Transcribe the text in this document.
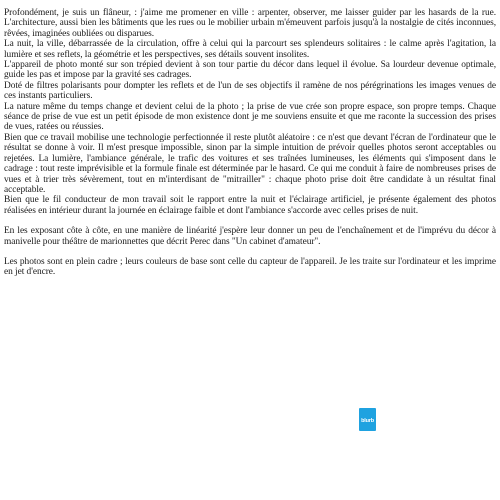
Profondément, je suis un flâneur, : j'aime me promener en ville : arpenter, observer, me laisser guider par les hasards de la rue. L'architecture, aussi bien les bâtiments que les rues ou le mobilier urbain m'émeuvent parfois jusqu'à la nostalgie de cités inconnues, rêvées, imaginées oubliées ou disparues.

La nuit, la ville, débarrassée de la circulation, offre à celui qui la parcourt ses splendeurs solitaires : le calme après l'agitation, la lumière et ses reflets, la géométrie et les perspectives, ses détails souvent insolites.

L'appareil de photo monté sur son trépied devient à son tour partie du décor dans lequel il évolue. Sa lourdeur devenue optimale, guide les pas et impose par la gravité ses cadrages.

Doté de filtres polarisants pour dompter les reflets et de l'un de ses objectifs il ramène de nos pérégrinations les images venues de ces instants particuliers.

La nature même du temps change et devient celui de la photo ; la prise de vue crée son propre espace, son propre temps. Chaque séance de prise de vue est un petit épisode de mon existence dont je me souviens ensuite et que me raconte la succession des prises de vues, ratées ou réussies.

Bien que ce travail mobilise une technologie perfectionnée il reste plutôt aléatoire : ce n'est que devant l'écran de l'ordinateur que le résultat se donne à voir. Il m'est presque impossible, sinon par la simple intuition de prévoir quelles photos seront acceptables ou rejetées. La lumière, l'ambiance générale, le trafic des voitures et ses traînées lumineuses, les éléments qui s'imposent dans le cadrage : tout reste imprévisible et la formule finale est déterminée par le hasard. Ce qui me conduit à faire de nombreuses prises de vues et à trier très sévèrement, tout en m'interdisant de "mitrailler" : chaque photo prise doit être candidate à un résultat final acceptable.

Bien que le fil conducteur de mon travail soit le rapport entre la nuit et l'éclairage artificiel, je présente également des photos réalisées en intérieur durant la journée en éclairage faible et dont l'ambiance s'accorde avec celles prises de nuit.

En les exposant côte à côte, en une manière de linéarité j'espère leur donner un peu de l'enchaînement et de l'imprévu du décor à manivelle pour théâtre de marionnettes que décrit Perec dans "Un cabinet d'amateur".

Les photos sont en plein cadre ; leurs couleurs de base sont celle du capteur de l'appareil. Je les traite sur l'ordinateur et les imprime en jet d'encre.

blurb
